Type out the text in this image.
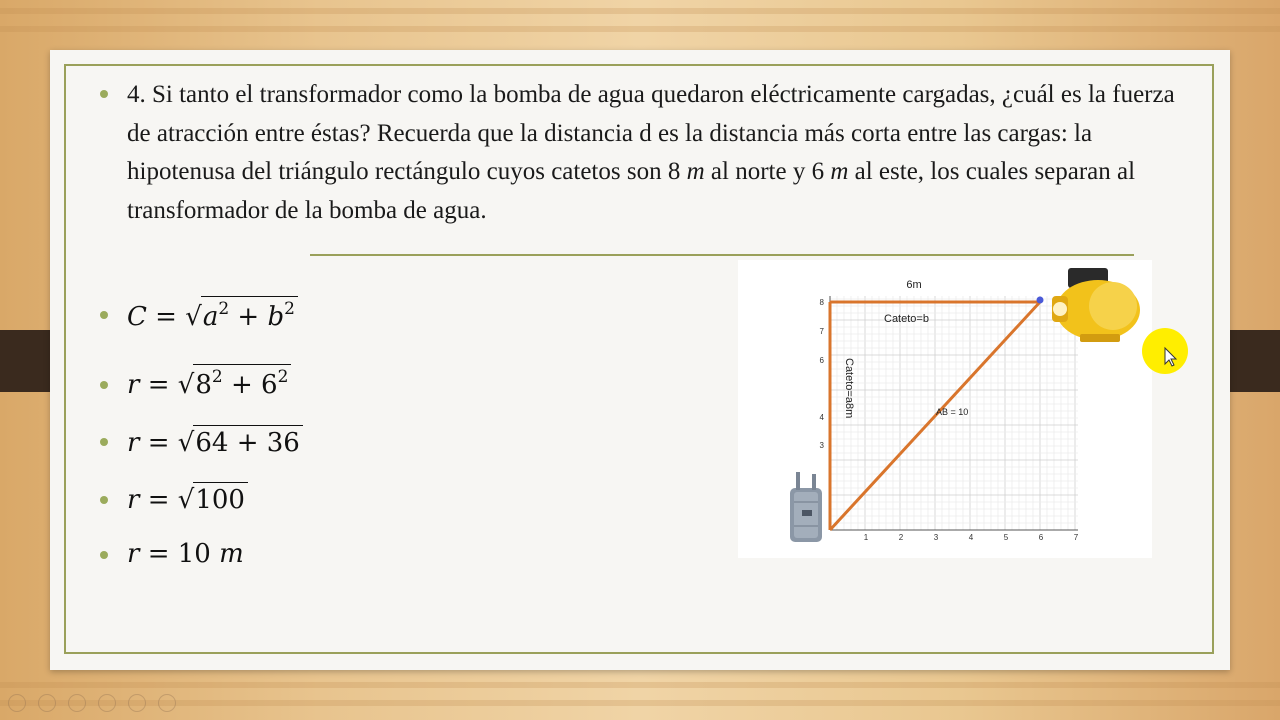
4. Si tanto el transformador como la bomba de agua quedaron eléctricamente cargadas, ¿cuál es la fuerza de atracción entre éstas? Recuerda que la distancia d es la distancia más corta entre las cargas: la hipotenusa del triángulo rectángulo cuyos catetos son 8 m al norte y 6 m al este, los cuales separan al transformador de la bomba de agua.
$C = √a^2 + b^2$
$r = √8^2 + 6^2$
r = √64 + 36
r = √100
r = 10 m
1	2	3	4	5	6	7
3
4
6
7
8
6m
Cateto=b
Cateto=a8m	AB = 10
